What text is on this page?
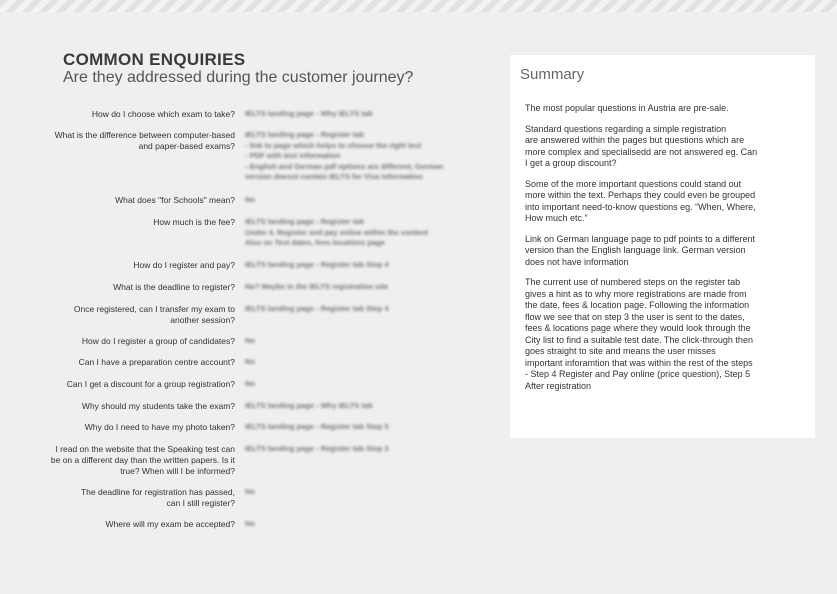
COMMON ENQUIRIES
Are they addressed during the customer journey?
How do I choose which exam to take? IELTS landing page - Why IELTS tab
What is the difference between computer-based
and paper-based exams?
IELTS landing page - Register tab
- link to page which helps to choose the right test
- PDF with test information
- English and German pdf options are different, German
version doesnt contain IELTS for Visa information
What does "for Schools" mean? No
How much is the fee? IELTS landing page - Register tab
Under 4. Register and pay online within the content
Also on Test dates, fees locations page
How do I register and pay? IELTS landing page - Register tab Step 4
What is the deadline to register? No? Maybe in the IELTS registration site
Once registered, can I transfer my exam to
another session?
IELTS landing page - Register tab Step 4
How do I register a group of candidates? No
Can I have a preparation centre account? No
Can I get a discount for a group registration? No
Why should my students take the exam? IELTS landing page - Why IELTS tab
Why do I need to have my photo taken? IELTS landing page - Register tab Step 5
I read on the website that the Speaking test can
be on a different day than the written papers. Is it
true? When will I be informed?
IELTS landing page - Register tab Step 3
The deadline for registration has passed,
can I still register?
No
Where will my exam be accepted? No
Summary

The most popular questions in Austria are pre-sale.

Standard questions regarding a simple registration
are answered within the pages but questions which are
more complex and specialisedd are not answered eg. Can
I get a group discount?

Some of the more important questions could stand out
more within the text. Perhaps they could even be grouped
into important need-to-know questions eg. “When, Where,
How much etc.”

Link on German language page to pdf points to a different
version than the English language link. German version
does not have information

The current use of numbered steps on the register tab
gives a hint as to why more registrations are made from
the date, fees & location page. Following the information
flow we see that on step 3 the user is sent to the dates,
fees & locations page where they would look through the
City list to find a suitable test date. The click-through then
goes straight to site and means the user misses
important inforamtion that was within the rest of the steps
- Step 4 Register and Pay online (price question), Step 5
After registration
